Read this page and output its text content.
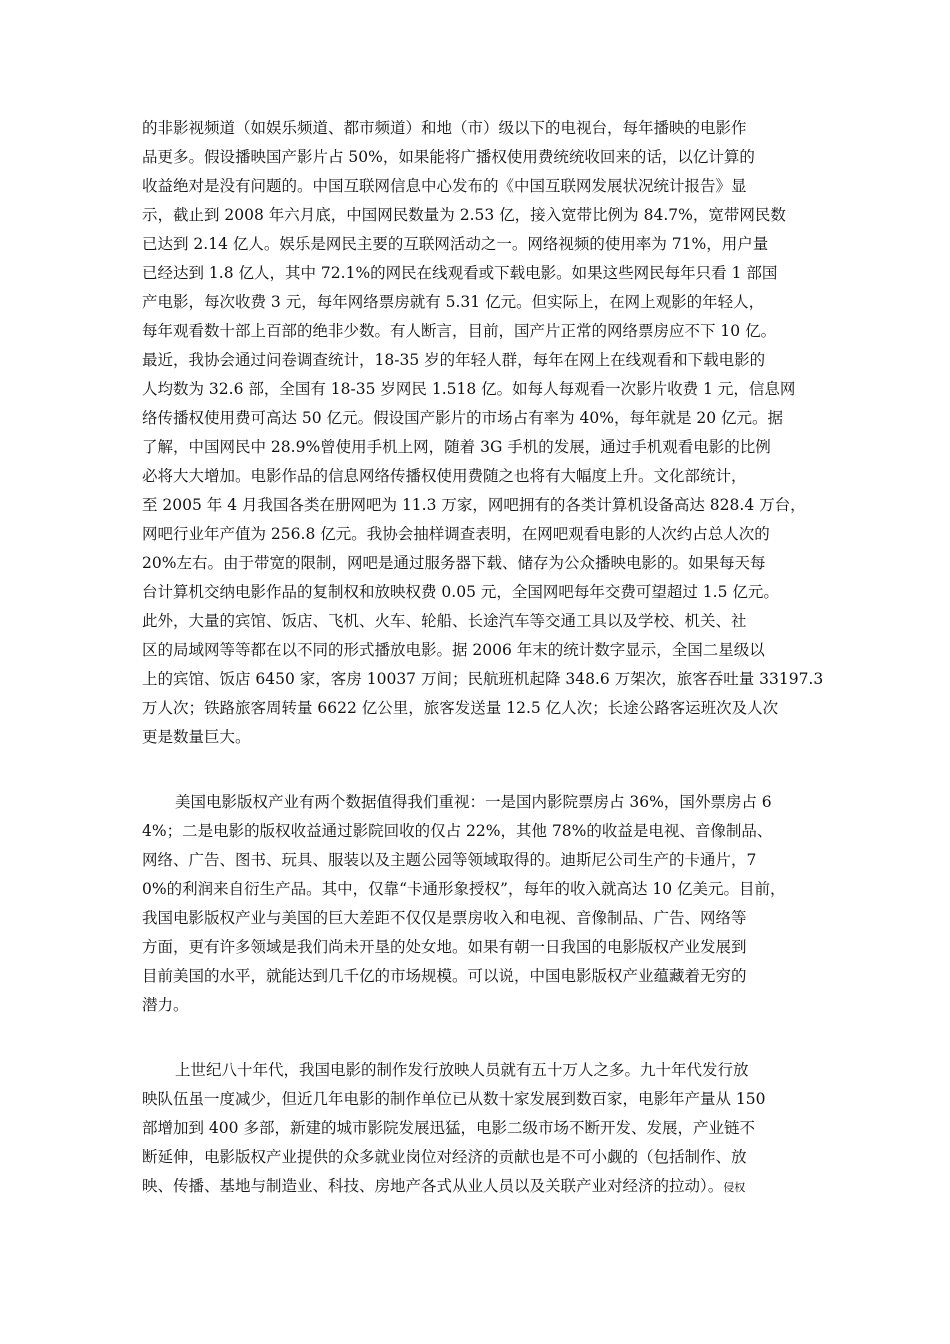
的非影视频道（如娱乐频道、都市频道）和地（市）级以下的电视台，每年播映的电影作
品更多。假设播映国产影片占 50%，如果能将广播权使用费统统收回来的话，以亿计算的
收益绝对是没有问题的。中国互联网信息中心发布的《中国互联网发展状况统计报告》显
示，截止到 2008 年六月底，中国网民数量为 2.53 亿，接入宽带比例为 84.7%，宽带网民数
已达到 2.14 亿人。娱乐是网民主要的互联网活动之一。网络视频的使用率为 71%，用户量
已经达到 1.8 亿人，其中 72.1%的网民在线观看或下载电影。如果这些网民每年只看 1 部国
产电影，每次收费 3 元，每年网络票房就有 5.31 亿元。但实际上，在网上观影的年轻人，
每年观看数十部上百部的绝非少数。有人断言，目前，国产片正常的网络票房应不下 10 亿。
最近，我协会通过问卷调查统计，18-35 岁的年轻人群，每年在网上在线观看和下载电影的
人均数为 32.6 部，全国有 18-35 岁网民 1.518 亿。如每人每观看一次影片收费 1 元，信息网
络传播权使用费可高达 50 亿元。假设国产影片的市场占有率为 40%，每年就是 20 亿元。据
了解，中国网民中 28.9%曾使用手机上网，随着 3G 手机的发展，通过手机观看电影的比例
必将大大增加。电影作品的信息网络传播权使用费随之也将有大幅度上升。文化部统计，
至 2005 年 4 月我国各类在册网吧为 11.3 万家，网吧拥有的各类计算机设备高达 828.4 万台，
网吧行业年产值为 256.8 亿元。我协会抽样调查表明，在网吧观看电影的人次约占总人次的
20%左右。由于带宽的限制，网吧是通过服务器下载、储存为公众播映电影的。如果每天每
台计算机交纳电影作品的复制权和放映权费 0.05 元，全国网吧每年交费可望超过 1.5 亿元。
此外，大量的宾馆、饭店、飞机、火车、轮船、长途汽车等交通工具以及学校、机关、社
区的局域网等等都在以不同的形式播放电影。据 2006 年末的统计数字显示，全国二星级以
上的宾馆、饭店 6450 家，客房 10037 万间；民航班机起降 348.6 万架次，旅客吞吐量 33197.3
万人次；铁路旅客周转量 6622 亿公里，旅客发送量 12.5 亿人次；长途公路客运班次及人次
更是数量巨大。
美国电影版权产业有两个数据值得我们重视：一是国内影院票房占 36%，国外票房占 6
4%；二是电影的版权收益通过影院回收的仅占 22%，其他 78%的收益是电视、音像制品、
网络、广告、图书、玩具、服装以及主题公园等领域取得的。迪斯尼公司生产的卡通片，7
0%的利润来自衍生产品。其中，仅靠“卡通形象授权”，每年的收入就高达 10 亿美元。目前，
我国电影版权产业与美国的巨大差距不仅仅是票房收入和电视、音像制品、广告、网络等
方面，更有许多领域是我们尚未开垦的处女地。如果有朝一日我国的电影版权产业发展到
目前美国的水平，就能达到几千亿的市场规模。可以说，中国电影版权产业蕴藏着无穷的
潜力。
上世纪八十年代，我国电影的制作发行放映人员就有五十万人之多。九十年代发行放
映队伍虽一度减少，但近几年电影的制作单位已从数十家发展到数百家，电影年产量从 150
部增加到 400 多部，新建的城市影院发展迅猛，电影二级市场不断开发、发展，产业链不
断延伸，电影版权产业提供的众多就业岗位对经济的贡献也是不可小觑的（包括制作、放
映、传播、基地与制造业、科技、房地产各式从业人员以及关联产业对经济的拉动）。侵权
